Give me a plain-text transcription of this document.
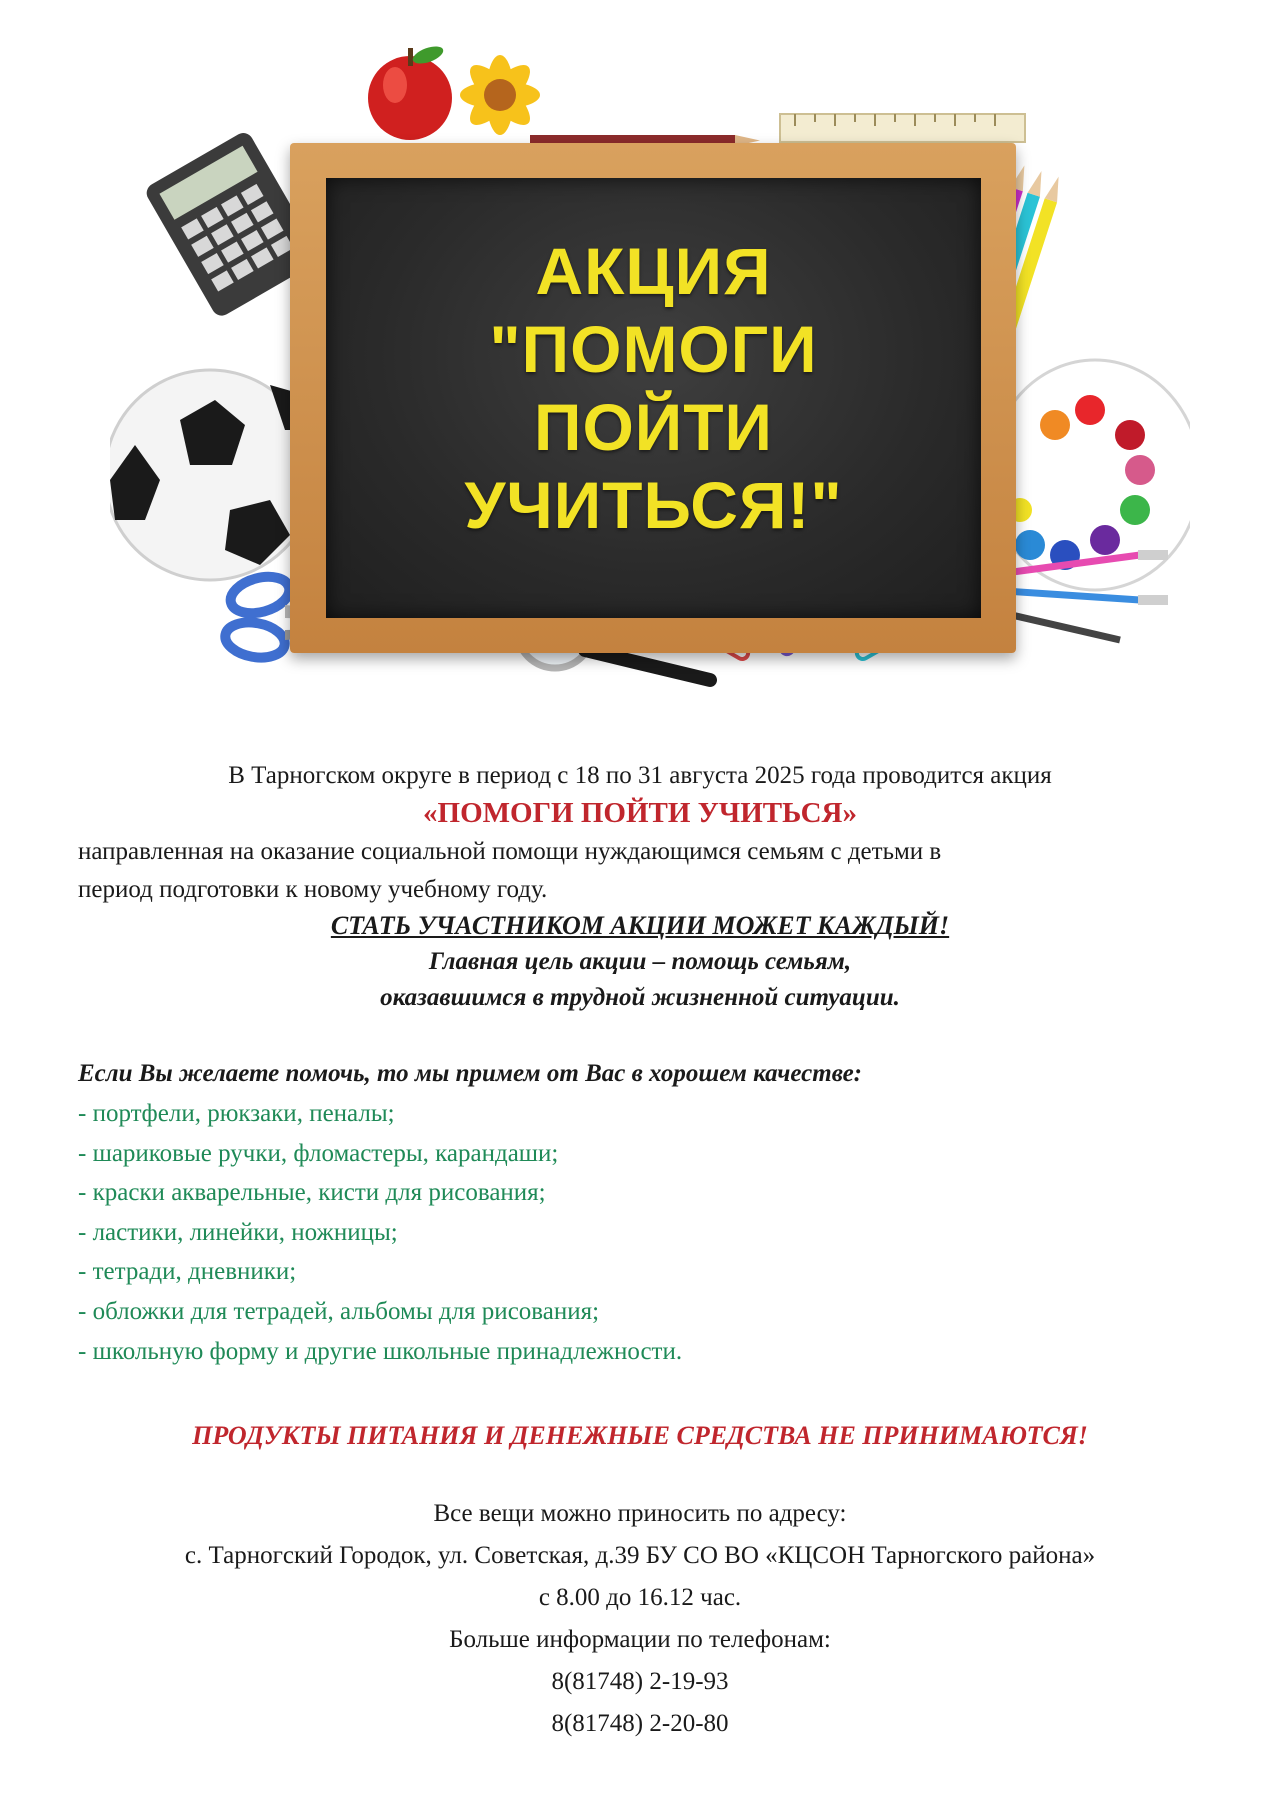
АКЦИЯ
"ПОМОГИ
ПОЙТИ
УЧИТЬСЯ!"
В Тарногском округе в период с 18 по 31 августа 2025 года проводится акция
«ПОМОГИ ПОЙТИ УЧИТЬСЯ»
направленная на оказание социальной помощи нуждающимся семьям с детьми в
период подготовки к новому учебному году.
СТАТЬ УЧАСТНИКОМ АКЦИИ МОЖЕТ КАЖДЫЙ!
Главная цель акции – помощь семьям,
оказавшимся в трудной жизненной ситуации.
Если Вы желаете помочь, то мы примем от Вас в хорошем качестве:
- портфели, рюкзаки, пеналы;
- шариковые ручки, фломастеры, карандаши;
- краски акварельные, кисти для рисования;
- ластики, линейки, ножницы;
- тетради, дневники;
- обложки для тетрадей, альбомы для рисования;
- школьную форму и другие школьные принадлежности.
ПРОДУКТЫ ПИТАНИЯ И ДЕНЕЖНЫЕ СРЕДСТВА НЕ ПРИНИМАЮТСЯ!
Все вещи можно приносить по адресу:
с. Тарногский Городок, ул. Советская, д.39 БУ СО ВО «КЦСОН Тарногского района»
с 8.00 до 16.12 час.
Больше информации по телефонам:
8(81748) 2-19-93
8(81748) 2-20-80
